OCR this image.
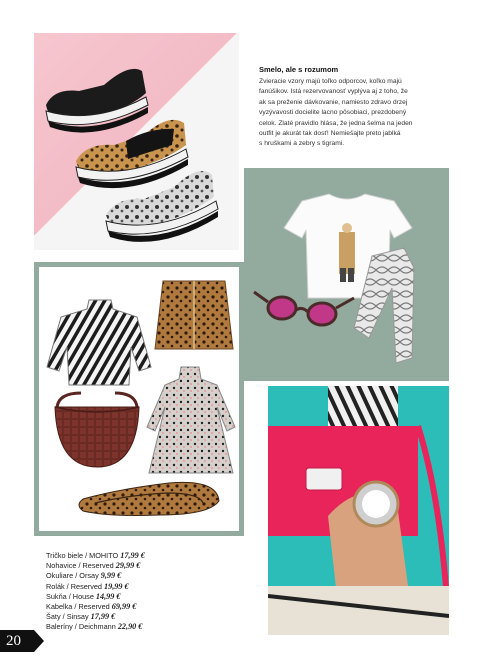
Smelo, ale s rozumom

Zvieracie vzory majú toľko odporcov, koľko majú
fanúšikov. Istá rezervovanosť vyplýva aj z toho, že
ak sa preženie dávkovanie, namiesto zdravo drzej
vyzývavosti docielite lacno pôsobiaci, prezdobený
celok. Zlaté pravidlo hlása, že jedna šelma na jeden
outfit je akurát tak dosť! Nemiešajte preto jablká
s hruškami a zebry s tigrami.

Tričko biele / MOHITO 17,99 €
Nohavice / Reserved 29,99 €
Okuliare / Orsay 9,99 €
Rolák / Reserved 19,99 €
Sukňa / House 14,99 €
Kabelka / Reserved 69,99 €
Šaty / Sinsay 17,99 €
Baleríny / Deichmann 22,90 €
20
